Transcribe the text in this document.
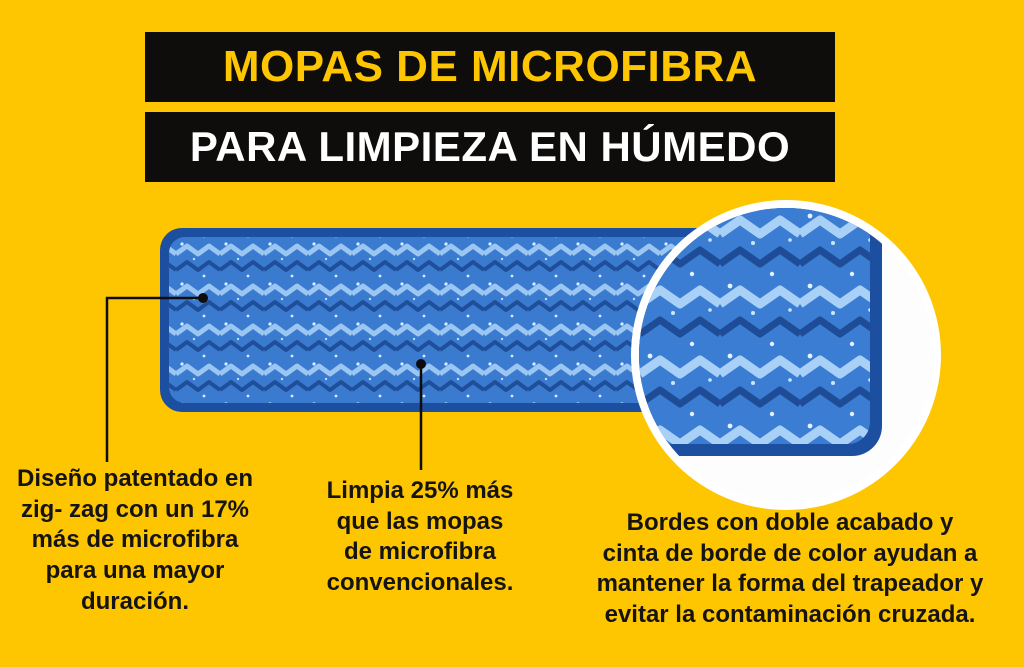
MOPAS DE MICROFIBRA
PARA LIMPIEZA EN HÚMEDO
Diseño patentado en
zig- zag con un 17%
más de microfibra
para una mayor
duración.
Limpia 25% más
que las mopas
de microfibra
convencionales.
Bordes con doble acabado y
cinta de borde de color ayudan a
mantener la forma del trapeador y
evitar la contaminación cruzada.
